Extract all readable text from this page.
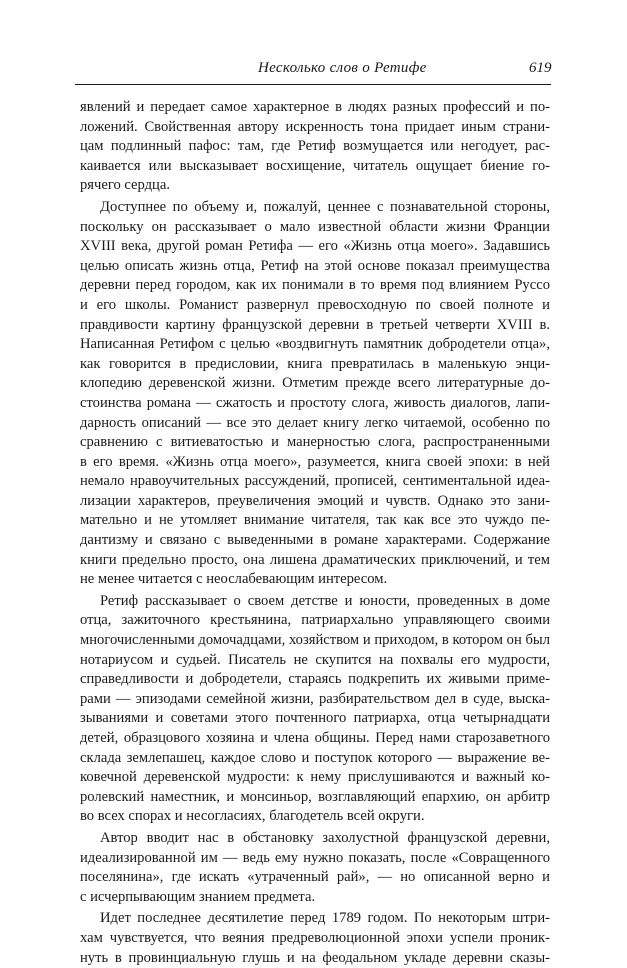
Несколько слов о Ретифе	619

явлений и передает самое характерное в людях разных профессий и по-
ложений. Свойственная автору искренность тона придает иным страни-
цам подлинный пафос: там, где Ретиф возмущается или негодует, рас-
каивается или высказывает восхищение, читатель ощущает биение го-
рячего сердца.

Доступнее по объему и, пожалуй, ценнее с познавательной стороны,
поскольку он рассказывает о мало известной области жизни Франции
XVIII века, другой роман Ретифа — его «Жизнь отца моего». Задавшись
целью описать жизнь отца, Ретиф на этой основе показал преимущества
деревни перед городом, как их понимали в то время под влиянием Руссо
и его школы. Романист развернул превосходную по своей полноте и
правдивости картину французской деревни в третьей четверти XVIII в.
Написанная Ретифом с целью «воздвигнуть памятник добродетели отца»,
как говорится в предисловии, книга превратилась в маленькую энци-
клопедию деревенской жизни. Отметим прежде всего литературные до-
стоинства романа — сжатость и простоту слога, живость диалогов, лапи-
дарность описаний — все это делает книгу легко читаемой, особенно по
сравнению с витиеватостью и манерностью слога, распространенными
в его время. «Жизнь отца моего», разумеется, книга своей эпохи: в ней
немало нравоучительных рассуждений, прописей, сентиментальной идеа-
лизации характеров, преувеличения эмоций и чувств. Однако это зани-
мательно и не утомляет внимание читателя, так как все это чуждо пе-
дантизму и связано с выведенными в романе характерами. Содержание
книги предельно просто, она лишена драматических приключений, и тем
не менее читается с неослабевающим интересом.

Ретиф рассказывает о своем детстве и юности, проведенных в доме
отца, зажиточного крестьянина, патриархально управляющего своими
многочисленными домочадцами, хозяйством и приходом, в котором он был
нотариусом и судьей. Писатель не скупится на похвалы его мудрости,
справедливости и добродетели, стараясь подкрепить их живыми приме-
рами — эпизодами семейной жизни, разбирательством дел в суде, выска-
зываниями и советами этого почтенного патриарха, отца четырнадцати
детей, образцового хозяина и члена общины. Перед нами старозаветного
склада землепашец, каждое слово и поступок которого — выражение ве-
ковечной деревенской мудрости: к нему прислушиваются и важный ко-
ролевский наместник, и монсиньор, возглавляющий епархию, он арбитр
во всех спорах и несогласиях, благодетель всей округи.

Автор вводит нас в обстановку захолустной французской деревни,
идеализированной им — ведь ему нужно показать, после «Совращенного
поселянина», где искать «утраченный рай», — но описанной верно и
с исчерпывающим знанием предмета.

Идет последнее десятилетие перед 1789 годом. По некоторым штри-
хам чувствуется, что веяния предреволюционной эпохи успели проник-
нуть в провинциальную глушь и на феодальном укладе деревни сказы-
